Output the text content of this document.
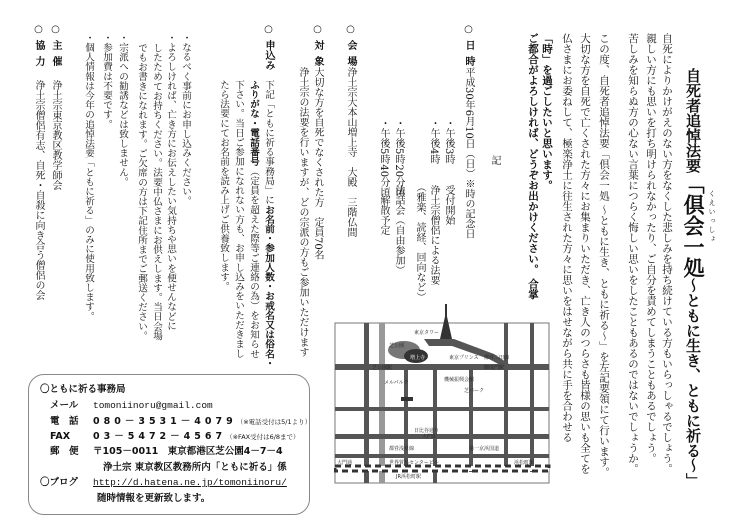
自死者追悼法要「倶会一処～ともに生き、ともに祈る～」
くえいっしょ
自死によりかけがえのない方をなくした悲しみを持ち続けている方もいらっしゃるでしょう。
親しい方にも思いを打ち明けられなかったり、ご自分を責めてしまうこともあるでしょう。
苦しみを知らぬ方の心ない言葉につらく悔しい思いをしたこともあるのではないでしょうか。
この度、自死者追悼法要「倶会一処 ～ともに生き、ともに祈る～」を左記要領にて行います。
大切な方を自死で亡くされた方々にお集まりいただき、亡き人のつらさも皆様の思いも全てを
仏さまにお委ねして、極楽浄土に往生された方々に思いをはせながら共に手を合わせる
「時」を過ごしたいと思います。
ご都合がよろしければ、どうぞお出かけください。 合掌
記
○
日時
平成30年6月10日（日）※時の記念日
・午後3時
受付開始
・午後4時
浄土宗僧侶による法要
（雅楽、読経、回向など）
・午後5時20分頃
法話会（自由参加）
・午後5時40分頃
解散予定
○
会場
浄土宗大本山増上寺　大殿　三階仏間
○
対象
大切な方を自死でなくされた方　定員70名
浄土宗の法要を行いますが、どの宗派の方もご参加いただけます
○
申込み
下記「ともに祈る事務局」にお名前・参加人数・お戒名又は俗名・
ふりがな・電話番号（定員を超えた際等ご連絡の為）をお知らせ
下さい。当日ご参加になれない方も、お申し込みをいただきまし
たら法要にてお名前を読み上げご供養致します。
・なるべく事前にお申し込みください。
・よろしければ、亡き方にお伝えしたい気持ちや思いを便せんなどに
したためてお持ちください。法要中仏さまにお供えします。当日会場
でもお書きになれます。ご欠席の方は下記住所までご郵送ください。
・宗派への勧誘などは致しません。
・参加費は不要です。
・個人情報は今年の追悼法要「ともに祈る」のみに使用致します。
○
主催
浄土宗東京教区教学師会
○
協力
浄土宗僧侶有志、自死・自殺に向き合う僧侶の会
〇ともに祈る事務局
メール tomoniinoru@gmail.com
電　話 080－3531－4079（※電話受付は5/1より）
FAX 03－5472－4567（※FAX受付は6/8まで）
郵　便 〒105－0011　東京都港区芝公園4－7－4
浄土宗 東京教区教務所内「ともに祈る」係
〇ブログ http://d.hatena.ne.jp/tomoniinoru/
随時情報を更新致します。
東京タワー
芝公園
増上寺	東京プリンス 都営三田線
芝公園駅	御成門駅
メルパルク
芝パーク
機械振興会館
日比谷通り
第一京浜国道
大門駅
大門通
都営浅草線
浜松町駅
世界貿易センタービル
JR浜松町駅
